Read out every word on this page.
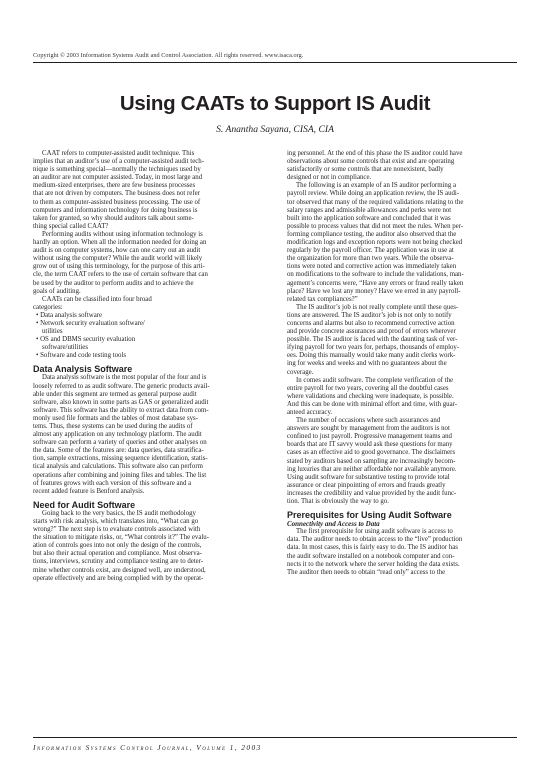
Copyright © 2003 Information Systems Audit and Control Association. All rights reserved. www.isaca.org.
Using CAATs to Support IS Audit
S. Anantha Sayana, CISA, CIA
CAAT refers to computer-assisted audit technique. This
implies that an auditor’s use of a computer-assisted audit tech-
nique is something special—normally the techniques used by
an auditor are not computer assisted. Today, in most large and
medium-sized enterprises, there are few business processes
that are not driven by computers. The business does not refer
to them as computer-assisted business processing. The use of
computers and information technology for doing business is
taken for granted, so why should auditors talk about some-
thing special called CAAT?
Performing audits without using information technology is
hardly an option. When all the information needed for doing an
audit is on computer systems, how can one carry out an audit
without using the computer? While the audit world will likely
grow out of using this terminology, for the purpose of this arti-
cle, the term CAAT refers to the use of certain software that can
be used by the auditor to perform audits and to achieve the
goals of auditing.
CAATs can be classified into four broad
categories:
• Data analysis software
• Network security evaluation software/
utilities
• OS and DBMS security evaluation
software/utilities
• Software and code testing tools
Data Analysis Software
Data analysis software is the most popular of the four and is
loosely referred to as audit software. The generic products avail-
able under this segment are termed as general purpose audit
software, also known in some parts as GAS or generalized audit
software. This software has the ability to extract data from com-
monly used file formats and the tables of most database sys-
tems. Thus, these systems can be used during the audits of
almost any application on any technology platform. The audit
software can perform a variety of queries and other analyses on
the data. Some of the features are: data queries, data stratifica-
tion, sample extractions, missing sequence identification, statis-
tical analysis and calculations. This software also can perform
operations after combining and joining files and tables. The list
of features grows with each version of this software and a
recent added feature is Benford analysis.
Need for Audit Software
Going back to the very basics, the IS audit methodology
starts with risk analysis, which translates into, “What can go
wrong?” The next step is to evaluate controls associated with
the situation to mitigate risks, or, “What controls it?” The evalu-
ation of controls goes into not only the design of the controls,
but also their actual operation and compliance. Most observa-
tions, interviews, scrutiny and compliance testing are to deter-
mine whether controls exist, are designed well, are understood,
operate effectively and are being complied with by the operat-
ing personnel. At the end of this phase the IS auditor could have
observations about some controls that exist and are operating
satisfactorily or some controls that are nonexistent, badly
designed or not in compliance.
The following is an example of an IS auditor performing a
payroll review. While doing an application review, the IS audi-
tor observed that many of the required validations relating to the
salary ranges and admissible allowances and perks were not
built into the application software and concluded that it was
possible to process values that did not meet the rules. When per-
forming compliance testing, the auditor also observed that the
modification logs and exception reports were not being checked
regularly by the payroll officer. The application was in use at
the organization for more than two years. While the observa-
tions were noted and corrective action was immediately taken
on modifications to the software to include the validations, man-
agement’s concerns were, “Have any errors or fraud really taken
place? Have we lost any money? Have we erred in any payroll-
related tax compliances?”
The IS auditor’s job is not really complete until these ques-
tions are answered. The IS auditor’s job is not only to notify
concerns and alarms but also to recommend corrective action
and provide concrete assurances and proof of errors wherever
possible. The IS auditor is faced with the daunting task of ver-
ifying payroll for two years for, perhaps, thousands of employ-
ees. Doing this manually would take many audit clerks work-
ing for weeks and weeks and with no guarantees about the
coverage.
In comes audit software. The complete verification of the
entire payroll for two years, covering all the doubtful cases
where validations and checking were inadequate, is possible.
And this can be done with minimal effort and time, with guar-
anteed accuracy.
The number of occasions where such assurances and
answers are sought by management from the auditors is not
confined to just payroll. Progressive management teams and
boards that are IT savvy would ask these questions for many
cases as an effective aid to good governance. The disclaimers
stated by auditors based on sampling are increasingly becom-
ing luxuries that are neither affordable nor available anymore.
Using audit software for substantive testing to provide total
assurance or clear pinpointing of errors and frauds greatly
increases the credibility and value provided by the audit func-
tion. That is obviously the way to go.
Prerequisites for Using Audit Software
Connectivity and Access to Data
The first prerequisite for using audit software is access to
data. The auditor needs to obtain access to the “live” production
data. In most cases, this is fairly easy to do. The IS auditor has
the audit software installed on a notebook computer and con-
nects it to the network where the server holding the data exists.
The auditor then needs to obtain “read only” access to the
Information Systems Control Journal, Volume 1, 2003
